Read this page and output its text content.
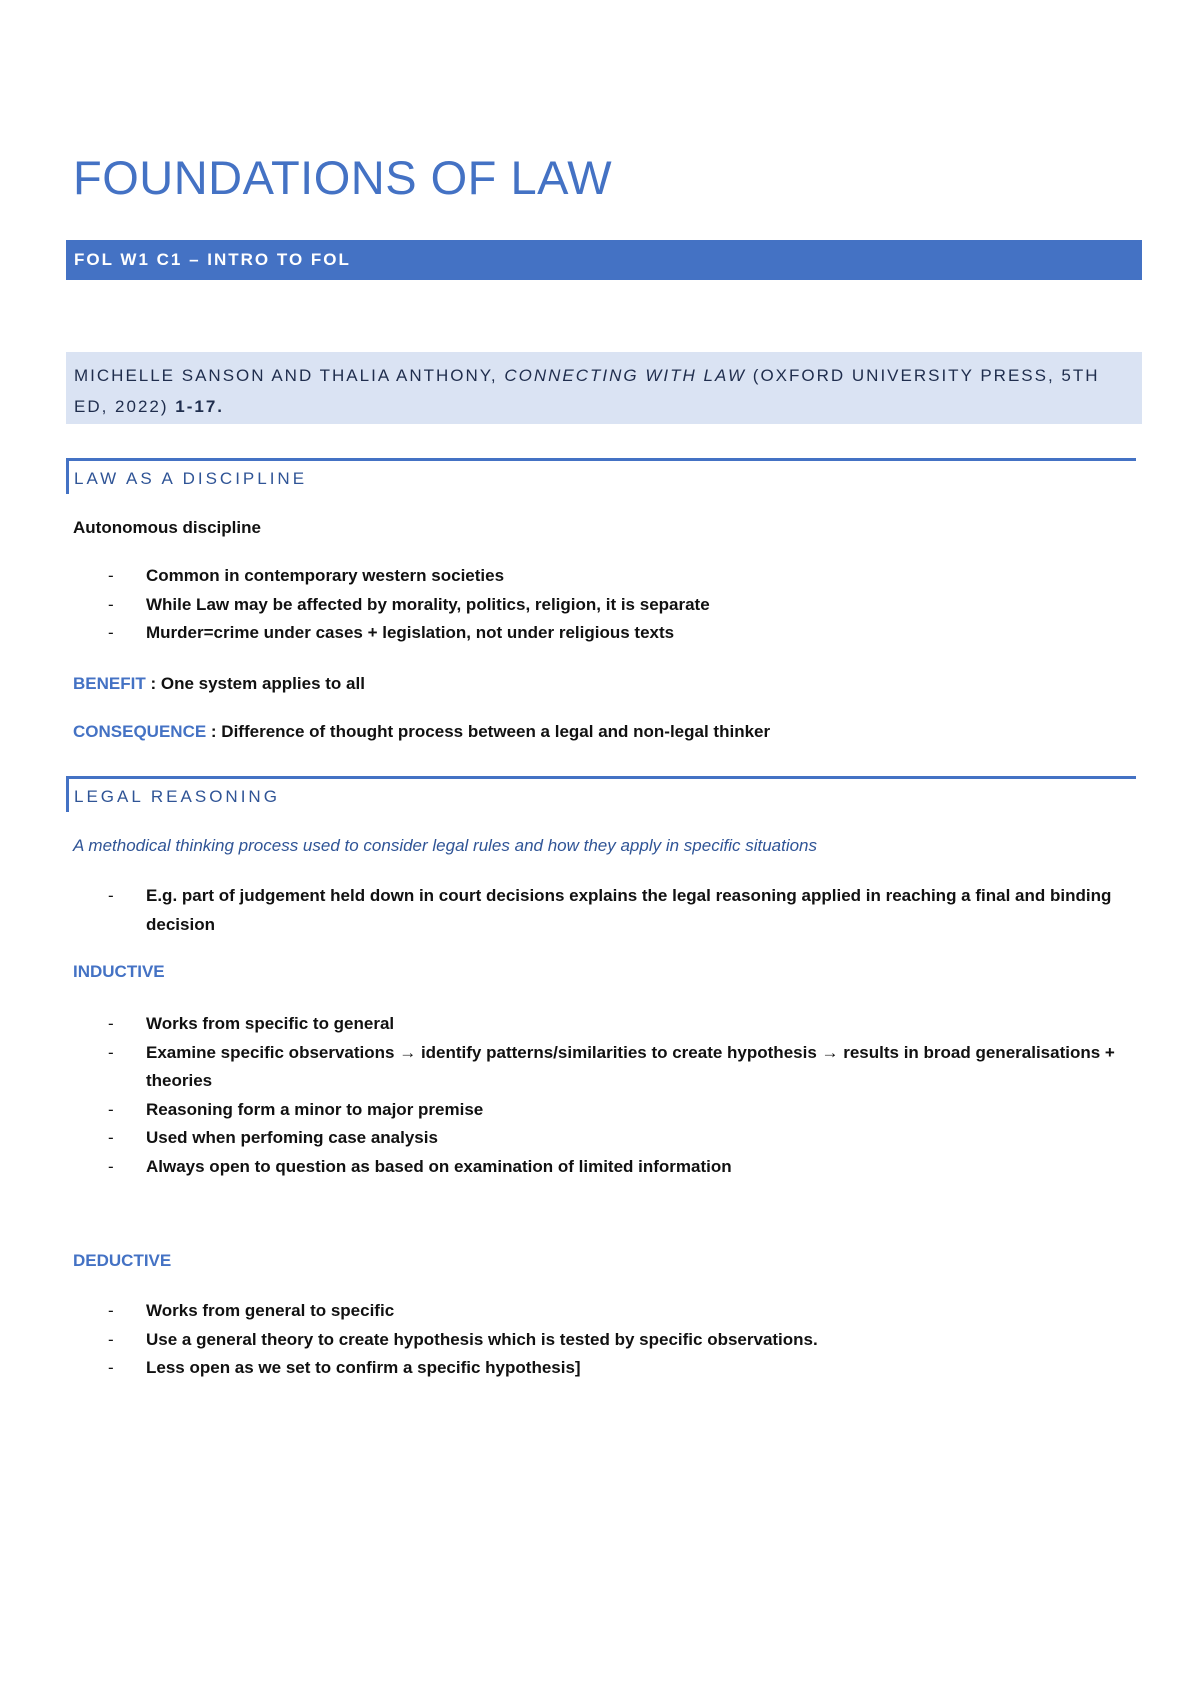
FOUNDATIONS OF LAW
FOL W1 C1 – INTRO TO FOL
MICHELLE SANSON AND THALIA ANTHONY, CONNECTING WITH LAW (OXFORD UNIVERSITY PRESS, 5TH ED, 2022) 1-17.
LAW AS A DISCIPLINE
Autonomous discipline
- Common in contemporary western societies
- While Law may be affected by morality, politics, religion, it is separate
- Murder=crime under cases + legislation, not under religious texts
BENEFIT : One system applies to all
CONSEQUENCE : Difference of thought process between a legal and non-legal thinker
LEGAL REASONING
A methodical thinking process used to consider legal rules and how they apply in specific situations
- E.g. part of judgement held down in court decisions explains the legal reasoning applied in reaching a final and binding decision
INDUCTIVE
- Works from specific to general
- Examine specific observations → identify patterns/similarities to create hypothesis → results in broad generalisations + theories
- Reasoning form a minor to major premise
- Used when perfoming case analysis
- Always open to question as based on examination of limited information
DEDUCTIVE
- Works from general to specific
- Use a general theory to create hypothesis which is tested by specific observations.
- Less open as we set to confirm a specific hypothesis]
